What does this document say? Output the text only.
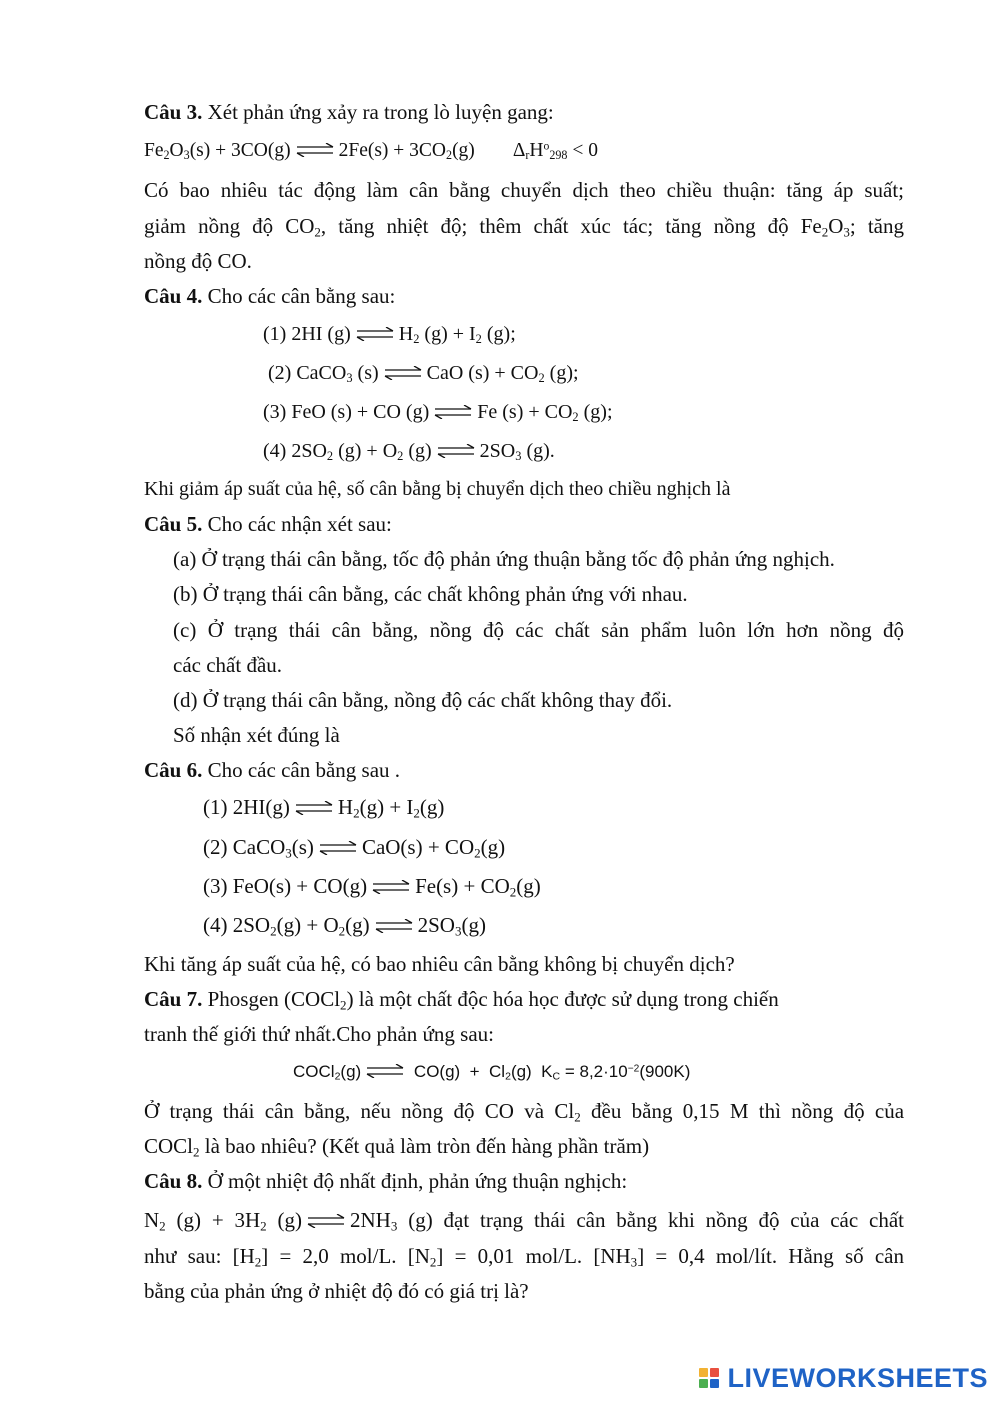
Câu 3. Xét phản ứng xảy ra trong lò luyện gang:
$Fe_2O_3(s) + 3CO(g)$ ⇌ $2Fe(s) + 3CO_2(g) \Delta_rH^o_{298} < 0$
Có bao nhiêu tác động làm cân bằng chuyển dịch theo chiều thuận: tăng áp suất;
giảm nồng độ $CO_2$, tăng nhiệt độ; thêm chất xúc tác; tăng nồng độ $Fe_2O_3$; tăng
nồng độ CO.
Câu 4. Cho các cân bằng sau:
(1) 2HI (g) ⇌ $H_2$ $(g) + I_2$ (g);
(2) CaCO$_3$ (s) ⇌ CaO $(s) + CO_2$ (g);
(3) FeO (s) + CO (g) ⇌ Fe $(s) + CO_2$ (g);
(4) $2SO_2$ $(g) + O_2$ (g) ⇌ $2SO_3$ (g).
Khi giảm áp suất của hệ, số cân bằng bị chuyển dịch theo chiều nghịch là
Câu 5. Cho các nhận xét sau:
(a) Ở trạng thái cân bằng, tốc độ phản ứng thuận bằng tốc độ phản ứng nghịch.
(b) Ở trạng thái cân bằng, các chất không phản ứng với nhau.
(c) Ở trạng thái cân bằng, nồng độ các chất sản phẩm luôn lớn hơn nồng độ
các chất đầu.
(d) Ở trạng thái cân bằng, nồng độ các chất không thay đổi.
Số nhận xét đúng là
Câu 6. Cho các cân bằng sau .
(1) 2HI(g) ⇌ $H_2(g) + I_2(g)$
(2) CaCO$_3$(s) ⇌ $CaO(s) + CO_2(g)$
(3) FeO(s) + CO(g) ⇌ $Fe(s) + CO_2(g)$
(4) $2SO_2(g) + O_2(g)$ ⇌ $2SO_3(g)$
Khi tăng áp suất của hệ, có bao nhiêu cân bằng không bị chuyển dịch?
Câu 7. Phosgen (COCl$_2$) là một chất độc hóa học được sử dụng trong chiến
tranh thế giới thứ nhất.Cho phản ứng sau:
COCl$_2$(g) ⇌ $CO(g) + Cl_2(g) K_C = 8,2\cdot 10^{-2}(900K)$
Ở trạng thái cân bằng, nếu nồng độ CO và $Cl_2$ đều bằng 0,15 M thì nồng độ của
COCl$_2$ là bao nhiêu? (Kết quả làm tròn đến hàng phần trăm)
Câu 8. Ở một nhiệt độ nhất định, phản ứng thuận nghịch:
$N_2$ $(g) + 3H_2$ (g) ⇌ $2NH_3$ (g) đạt trạng thái cân bằng khi nồng độ của các chất
như sau: $[H_2] = 2,0$ mol/L. $[N_2] = 0,01$ mol/L. $[NH_3] = 0,4$ mol/lít. Hằng số cân
bằng của phản ứng ở nhiệt độ đó có giá trị là?
LIVEWORKSHEETS
